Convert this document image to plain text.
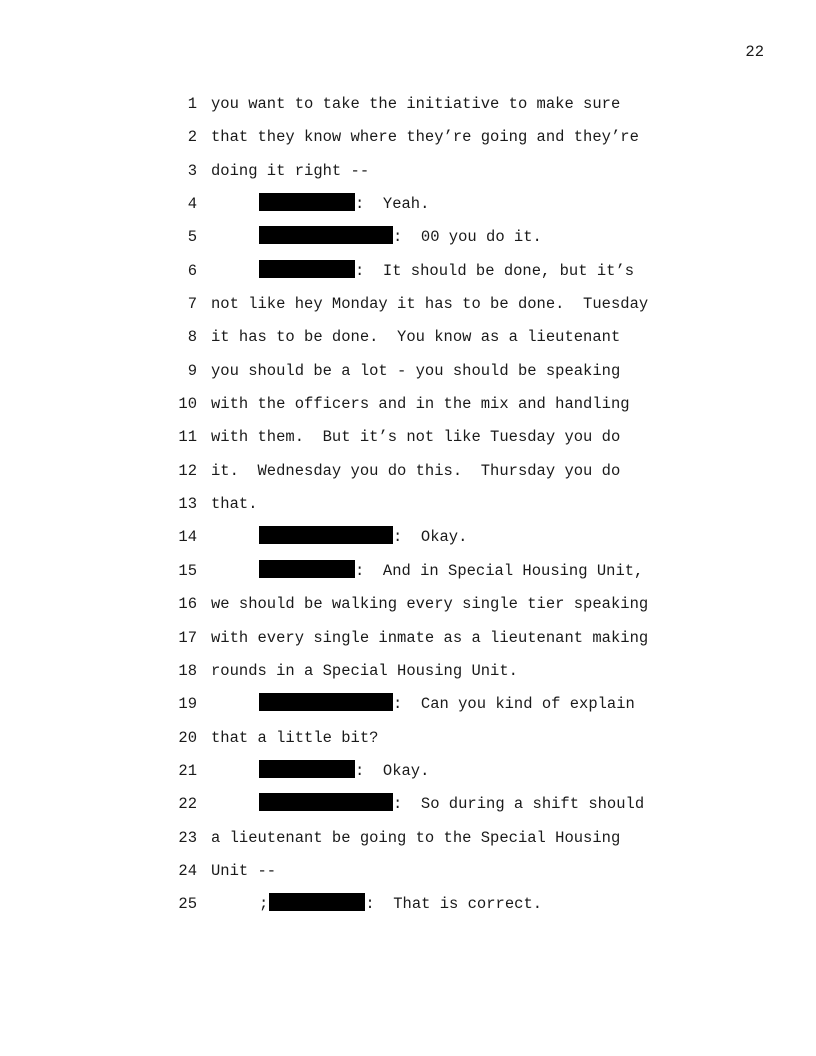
22
1 you want to take the initiative to make sure
2 that they know where they’re going and they’re
3 doing it right --
4	:  Yeah.
5	:  00 you do it.
6	:  It should be done, but it’s
7 not like hey Monday it has to be done.  Tuesday
8 it has to be done.  You know as a lieutenant
9 you should be a lot - you should be speaking
10 with the officers and in the mix and handling
11 with them.  But it’s not like Tuesday you do
12 it.  Wednesday you do this.  Thursday you do
13 that.
14	:  Okay.
15	:  And in Special Housing Unit,
16 we should be walking every single tier speaking
17 with every single inmate as a lieutenant making
18 rounds in a Special Housing Unit.
19	:  Can you kind of explain
20 that a little bit?
21	:  Okay.
22	:  So during a shift should
23 a lieutenant be going to the Special Housing
24 Unit --
25	;	:  That is correct.
